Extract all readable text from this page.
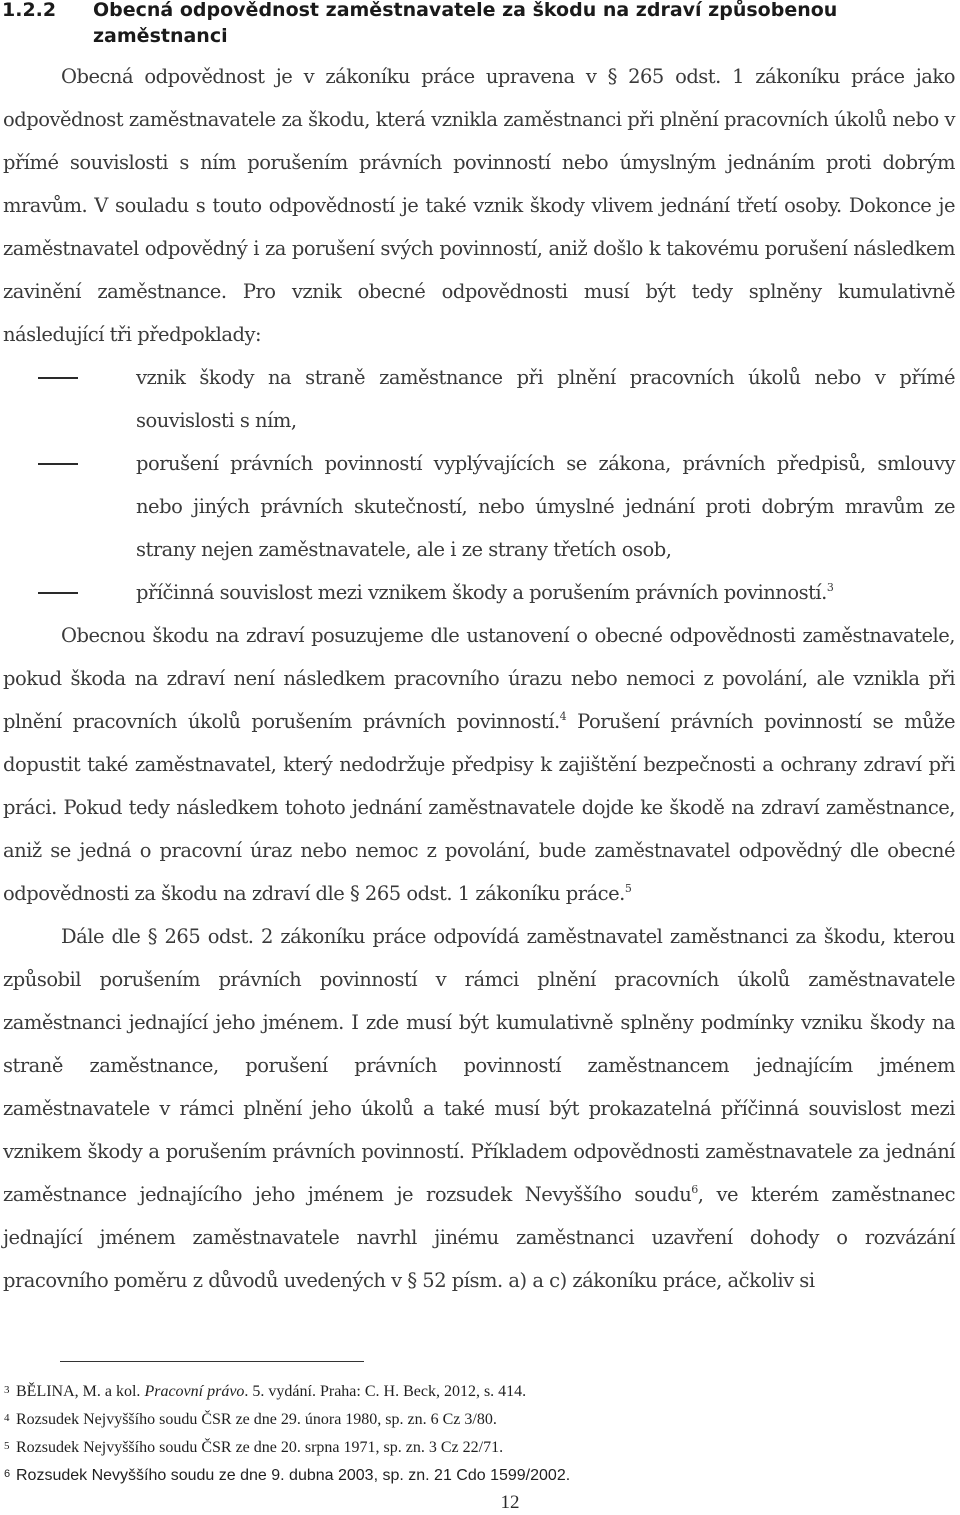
1.2.2 Obecná odpovědnost zaměstnavatele za škodu na zdraví způsobenou zaměstnanci

Obecná odpovědnost je v zákoníku práce upravena v § 265 odst. 1 zákoníku práce jako odpovědnost zaměstnavatele za škodu, která vznikla zaměstnanci při plnění pracovních úkolů nebo v přímé souvislosti s ním porušením právních povinností nebo úmyslným jednáním proti dobrým mravům. V souladu s touto odpovědností je také vznik škody vlivem jednání třetí osoby. Dokonce je zaměstnavatel odpovědný i za porušení svých povinností, aniž došlo k takovému porušení následkem zavinění zaměstnance. Pro vznik obecné odpovědnosti musí být tedy splněny kumulativně následující tři předpoklady:

vznik škody na straně zaměstnance při plnění pracovních úkolů nebo v přímé souvislosti s ním,
porušení právních povinností vyplývajících se zákona, právních předpisů, smlouvy nebo jiných právních skutečností, nebo úmyslné jednání proti dobrým mravům ze strany nejen zaměstnavatele, ale i ze strany třetích osob,
příčinná souvislost mezi vznikem škody a porušením právních povinností.$^3$

Obecnou škodu na zdraví posuzujeme dle ustanovení o obecné odpovědnosti zaměstnavatele, pokud škoda na zdraví není následkem pracovního úrazu nebo nemoci z povolání, ale vznikla při plnění pracovních úkolů porušením právních povinností.$^4$ Porušení právních povinností se může dopustit také zaměstnavatel, který nedodržuje předpisy k zajištění bezpečnosti a ochrany zdraví při práci. Pokud tedy následkem tohoto jednání zaměstnavatele dojde ke škodě na zdraví zaměstnance, aniž se jedná o pracovní úraz nebo nemoc z povolání, bude zaměstnavatel odpovědný dle obecné odpovědnosti za škodu na zdraví dle § 265 odst. 1 zákoníku práce.$^5$

Dále dle § 265 odst. 2 zákoníku práce odpovídá zaměstnavatel zaměstnanci za škodu, kterou způsobil porušením právních povinností v rámci plnění pracovních úkolů zaměstnavatele zaměstnanci jednající jeho jménem. I zde musí být kumulativně splněny podmínky vzniku škody na straně zaměstnance, porušení právních povinností zaměstnancem jednajícím jménem zaměstnavatele v rámci plnění jeho úkolů a také musí být prokazatelná příčinná souvislost mezi vznikem škody a porušením právních povinností. Příkladem odpovědnosti zaměstnavatele za jednání zaměstnance jednajícího jeho jménem je rozsudek Nevyššího soudu$^6$, ve kterém zaměstnanec jednající jménem zaměstnavatele navrhl jinému zaměstnanci uzavření dohody o rozvázání pracovního poměru z důvodů uvedených v § 52 písm. a) a c) zákoníku práce, ačkoliv si

3 BĚLINA, M. a kol. Pracovní právo. 5. vydání. Praha: C. H. Beck, 2012, s. 414.

4 Rozsudek Nejvyššího soudu ČSR ze dne 29. února 1980, sp. zn. 6 Cz 3/80.

5 Rozsudek Nejvyššího soudu ČSR ze dne 20. srpna 1971, sp. zn. 3 Cz 22/71.

6 Rozsudek Nevyššího soudu ze dne 9. dubna 2003, sp. zn. 21 Cdo 1599/2002.

12
